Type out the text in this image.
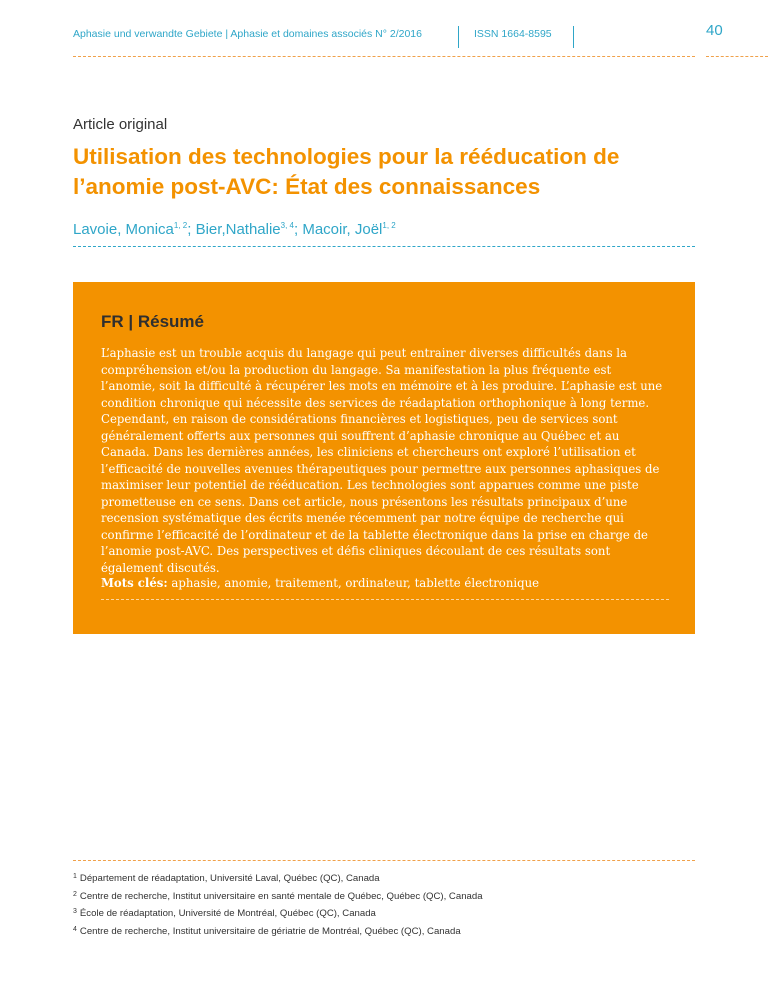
Aphasie und verwandte Gebiete | Aphasie et domaines associés N° 2/2016	ISSN 1664-8595	40
Article original
Utilisation des technologies pour la rééducation de l’anomie post-AVC: État des connaissances
Lavoie, Monica$^{1, 2}$; Bier,Nathalie$^{3, 4}$; Macoir, Joël$^{1, 2}$
FR | Résumé
L’aphasie est un trouble acquis du langage qui peut entrainer diverses difficultés dans la compréhension et/ou la production du langage. Sa manifestation la plus fréquente est l’anomie, soit la difficulté à récupérer les mots en mémoire et à les produire. L’aphasie est une condition chronique qui nécessite des services de réadaptation orthophonique à long terme. Cependant, en raison de considérations financières et logistiques, peu de services sont généralement offerts aux personnes qui souffrent d’aphasie chronique au Québec et au Canada. Dans les dernières années, les cliniciens et chercheurs ont exploré l’utilisation et l’efficacité de nouvelles avenues thérapeutiques pour permettre aux personnes aphasiques de maximiser leur potentiel de rééducation. Les technologies sont apparues comme une piste prometteuse en ce sens. Dans cet article, nous présentons les résultats principaux d’une recension systématique des écrits menée récemment par notre équipe de recherche qui confirme l’efficacité de l’ordinateur et de la tablette électronique dans la prise en charge de l’anomie post-AVC. Des perspectives et défis cliniques découlant de ces résultats sont également discutés.
Mots clés: aphasie, anomie, traitement, ordinateur, tablette électronique
$^1$ Département de réadaptation, Université Laval, Québec (QC), Canada
$^2$ Centre de recherche, Institut universitaire en santé mentale de Québec, Québec (QC), Canada
$^3$ École de réadaptation, Université de Montréal, Québec (QC), Canada
$^4$ Centre de recherche, Institut universitaire de gériatrie de Montréal, Québec (QC), Canada
